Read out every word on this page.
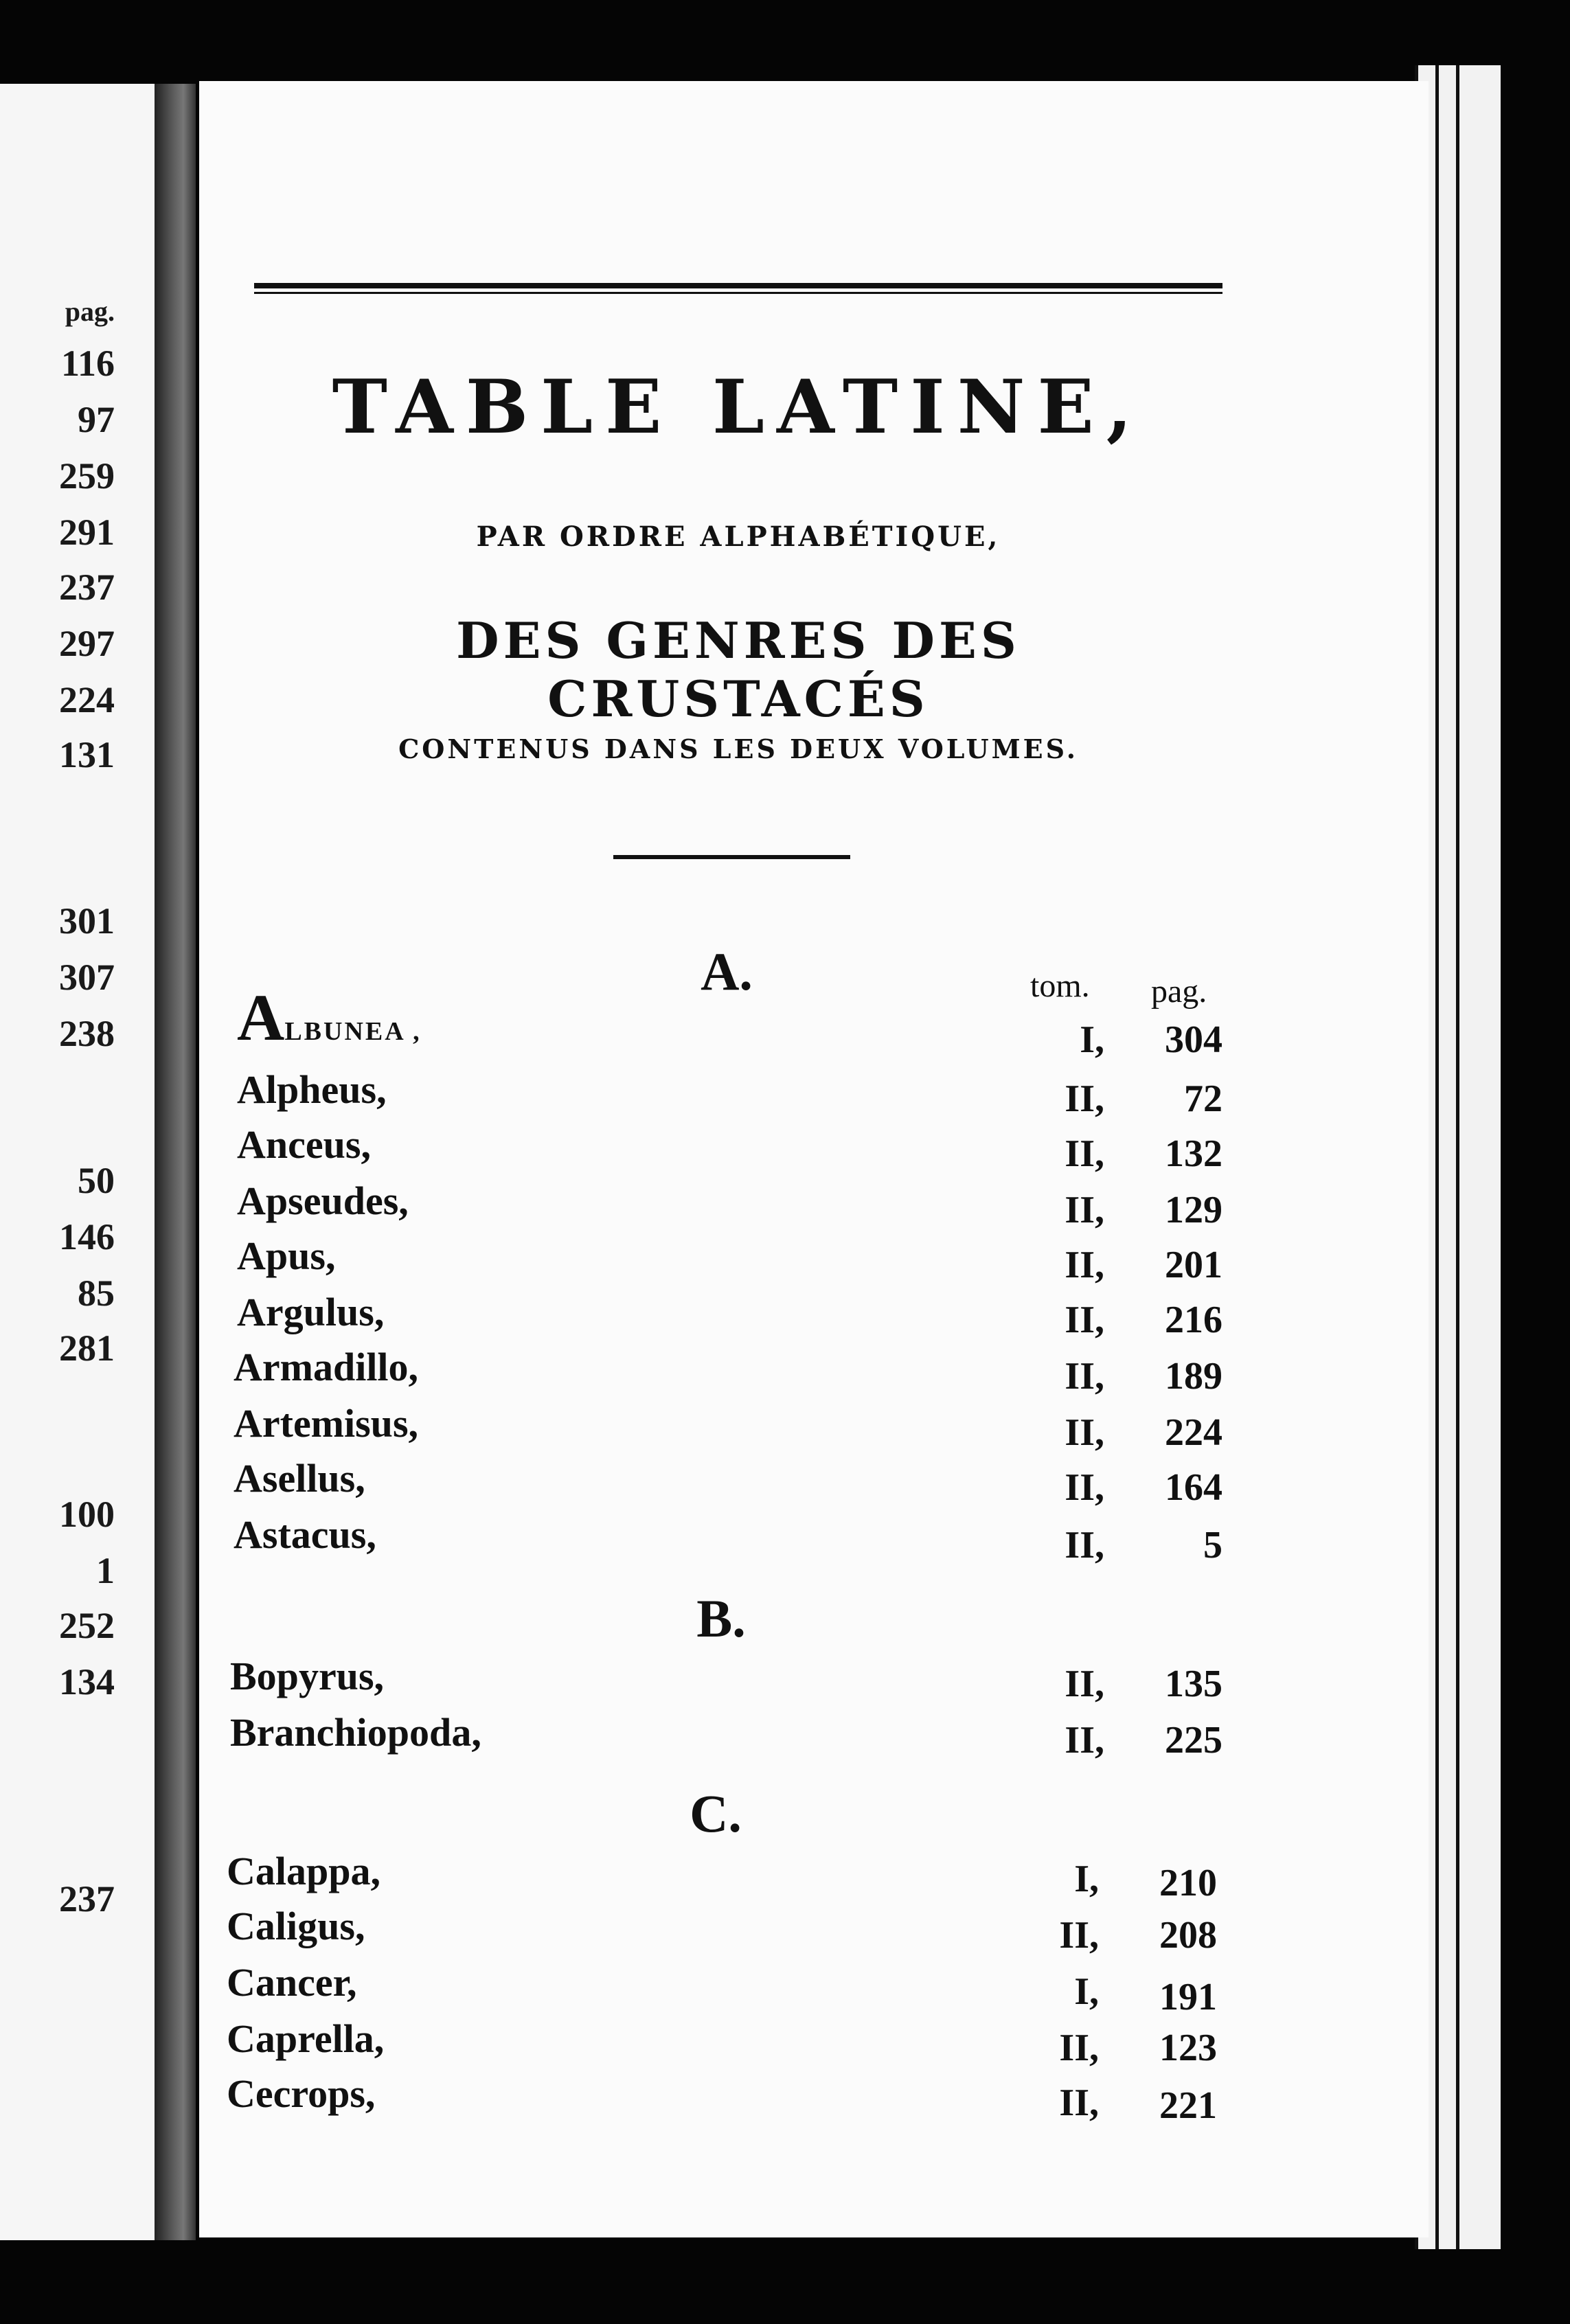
pag.
116
97
259
291
237
297
224
131
301
307
238
50
146
85
281
100
1
252
134
237
TABLE LATINE,
PAR ORDRE ALPHABÉTIQUE,
DES GENRES DES CRUSTACÉS
CONTENUS DANS LES DEUX VOLUMES.
tom. pag.
A.
ALBUNEA ,	I,	304
Alpheus,	II,	72
Anceus,	II,	132
Apseudes,	II,	129
Apus,	II,	201
Argulus,	II,	216
Armadillo,	II,	189
Artemisus,	II,	224
Asellus,	II,	164
Astacus,	II,	5
B.
Bopyrus,	II,	135
Branchiopoda,	II,	225
C.
Calappa,	I,	210
Caligus,	II,	208
Cancer,	I,	191
Caprella,	II,	123
Cecrops,	II,	221
